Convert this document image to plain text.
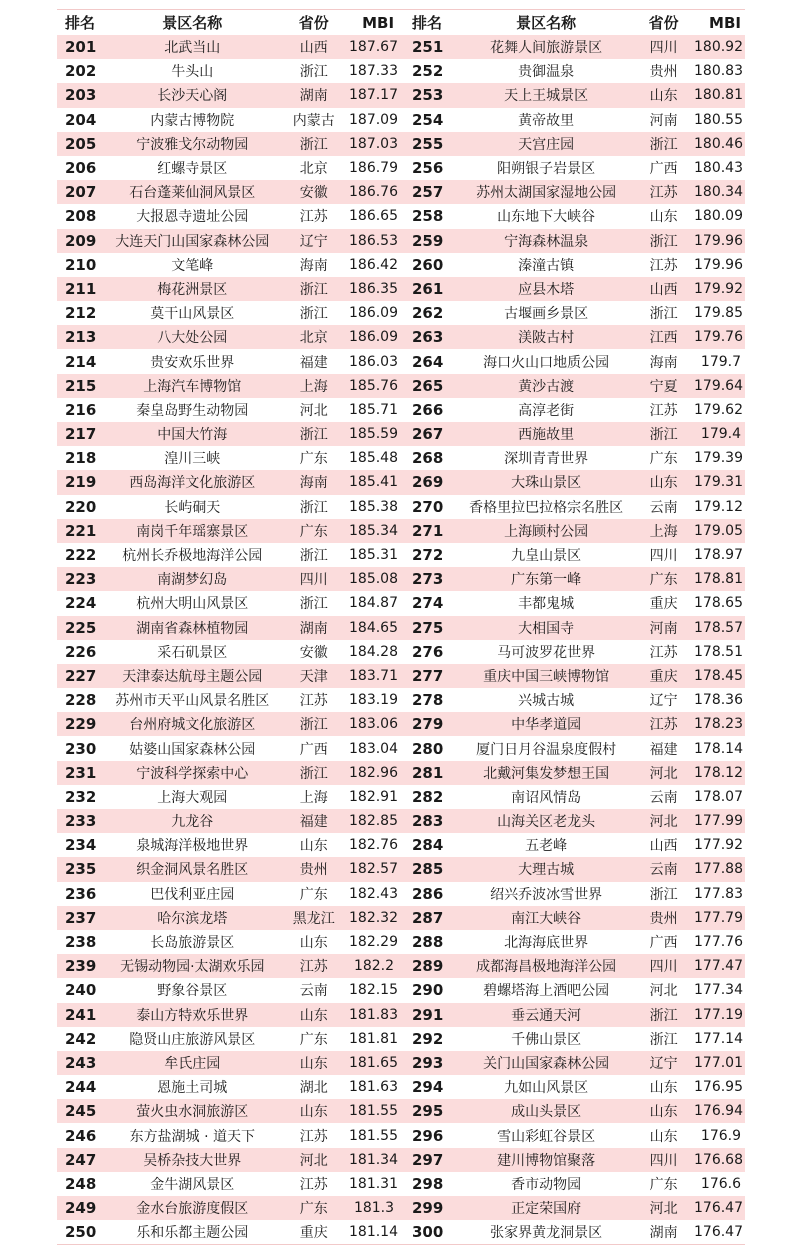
排名	景区名称	省份	MBI	排名	景区名称	省份	MBI
201	北武当山	山西	187.67 251	花舞人间旅游景区	四川	180.92
202	牛头山	浙江	187.33 252	贵御温泉	贵州	180.83
203	长沙天心阁	湖南	187.17 253	天上王城景区	山东	180.81
204	内蒙古博物院	内蒙古	187.09 254	黄帝故里	河南	180.55
205	宁波雅戈尔动物园	浙江	187.03 255	天宫庄园	浙江	180.46
206	红螺寺景区	北京	186.79 256	阳朔银子岩景区	广西	180.43
207	石台蓬莱仙洞风景区	安徽	186.76 257	苏州太湖国家湿地公园	江苏	180.34
208	大报恩寺遗址公园	江苏	186.65 258	山东地下大峡谷	山东	180.09
209	大连天门山国家森林公园	辽宁	186.53 259	宁海森林温泉	浙江	179.96
210	文笔峰	海南	186.42 260	溱潼古镇	江苏	179.96
211	梅花洲景区	浙江	186.35 261	应县木塔	山西	179.92
212	莫干山风景区	浙江	186.09 262	古堰画乡景区	浙江	179.85
213	八大处公园	北京	186.09 263	渼陂古村	江西	179.76
214	贵安欢乐世界	福建	186.03 264	海口火山口地质公园	海南	179.7
215	上海汽车博物馆	上海	185.76 265	黄沙古渡	宁夏	179.64
216	秦皇岛野生动物园	河北	185.71 266	高淳老街	江苏	179.62
217	中国大竹海	浙江	185.59 267	西施故里	浙江	179.4
218	湟川三峡	广东	185.48 268	深圳青青世界	广东	179.39
219	西岛海洋文化旅游区	海南	185.41 269	大珠山景区	山东	179.31
220	长屿硐天	浙江	185.38 270	香格里拉巴拉格宗名胜区	云南	179.12
221	南岗千年瑶寨景区	广东	185.34 271	上海顾村公园	上海	179.05
222	杭州长乔极地海洋公园	浙江	185.31 272	九皇山景区	四川	178.97
223	南湖梦幻岛	四川	185.08 273	广东第一峰	广东	178.81
224	杭州大明山风景区	浙江	184.87 274	丰都鬼城	重庆	178.65
225	湖南省森林植物园	湖南	184.65 275	大相国寺	河南	178.57
226	采石矶景区	安徽	184.28 276	马可波罗花世界	江苏	178.51
227	天津泰达航母主题公园	天津	183.71 277	重庆中国三峡博物馆	重庆	178.45
228	苏州市天平山风景名胜区	江苏	183.19 278	兴城古城	辽宁	178.36
229	台州府城文化旅游区	浙江	183.06 279	中华孝道园	江苏	178.23
230	姑婆山国家森林公园	广西	183.04 280	厦门日月谷温泉度假村	福建	178.14
231	宁波科学探索中心	浙江	182.96 281	北戴河集发梦想王国	河北	178.12
232	上海大观园	上海	182.91 282	南诏风情岛	云南	178.07
233	九龙谷	福建	182.85 283	山海关区老龙头	河北	177.99
234	泉城海洋极地世界	山东	182.76 284	五老峰	山西	177.92
235	织金洞风景名胜区	贵州	182.57 285	大理古城	云南	177.88
236	巴伐利亚庄园	广东	182.43 286	绍兴乔波冰雪世界	浙江	177.83
237	哈尔滨龙塔	黑龙江	182.32 287	南江大峡谷	贵州	177.79
238	长岛旅游景区	山东	182.29 288	北海海底世界	广西	177.76
239	无锡动物园·太湖欢乐园	江苏	182.2	289	成都海昌极地海洋公园	四川	177.47
240	野象谷景区	云南	182.15 290	碧螺塔海上酒吧公园	河北	177.34
241	泰山方特欢乐世界	山东	181.83 291	垂云通天河	浙江	177.19
242	隐贤山庄旅游风景区	广东	181.81 292	千佛山景区	浙江	177.14
243	牟氏庄园	山东	181.65 293	关门山国家森林公园	辽宁	177.01
244	恩施土司城	湖北	181.63 294	九如山风景区	山东	176.95
245	萤火虫水洞旅游区	山东	181.55 295	成山头景区	山东	176.94
246	东方盐湖城 · 道天下	江苏	181.55 296	雪山彩虹谷景区	山东	176.9
247	吴桥杂技大世界	河北	181.34 297	建川博物馆聚落	四川	176.68
248	金牛湖风景区	江苏	181.31 298	香市动物园	广东	176.6
249	金水台旅游度假区	广东	181.3	299	正定荣国府	河北	176.47
250	乐和乐都主题公园	重庆	181.14 300	张家界黄龙洞景区	湖南	176.47
